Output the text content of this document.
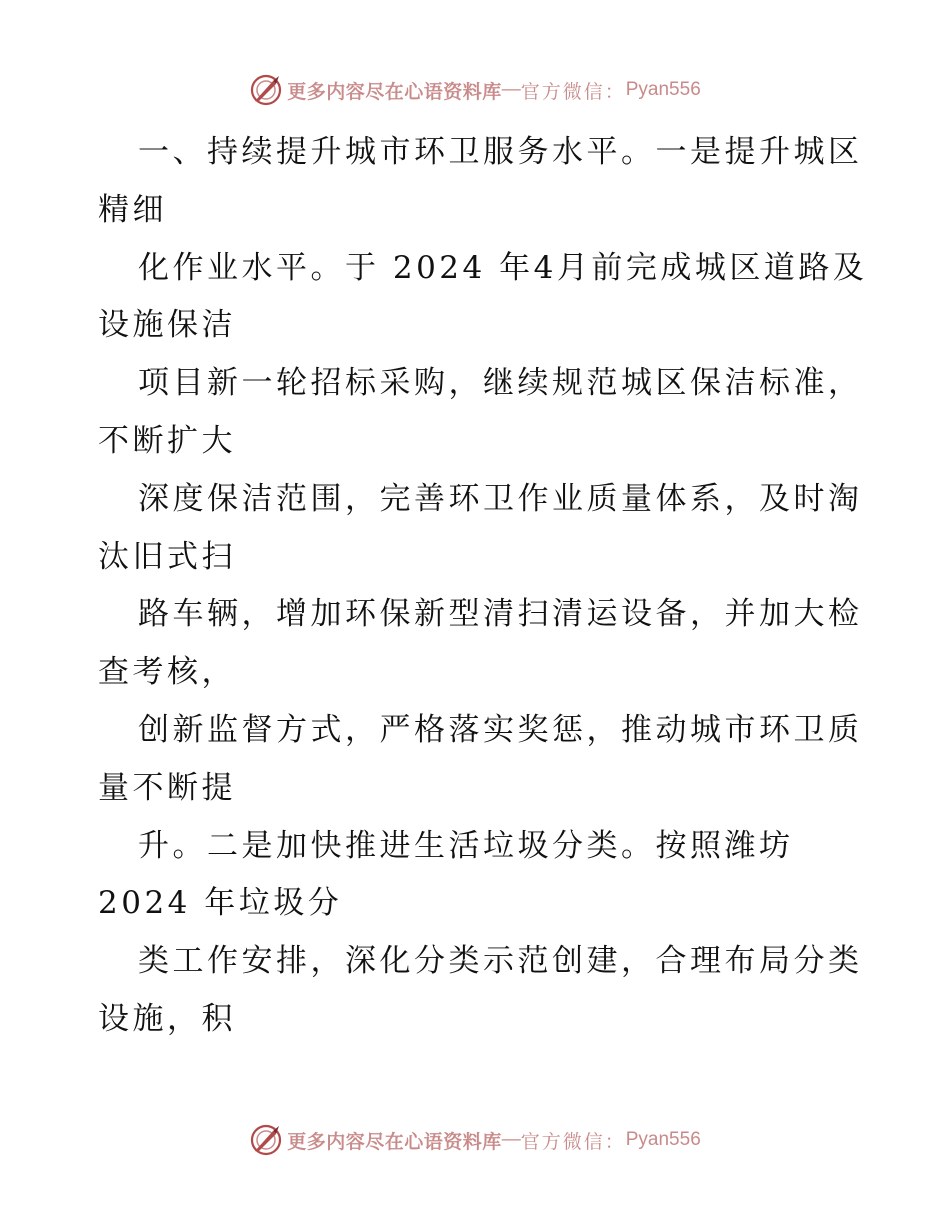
更多内容尽在心语资料库 — 官方微信： Pyan556
一、持续提升城市环卫服务水平。一是提升城区
精细
化作业水平。于 2024 年4月前完成城区道路及
设施保洁
项目新一轮招标采购，继续规范城区保洁标准，
不断扩大
深度保洁范围，完善环卫作业质量体系，及时淘
汰旧式扫
路车辆，增加环保新型清扫清运设备，并加大检
查考核，
创新监督方式，严格落实奖惩，推动城市环卫质
量不断提
升。二是加快推进生活垃圾分类。按照潍坊
2024 年垃圾分
类工作安排，深化分类示范创建，合理布局分类
设施，积
更多内容尽在心语资料库 — 官方微信： Pyan556
